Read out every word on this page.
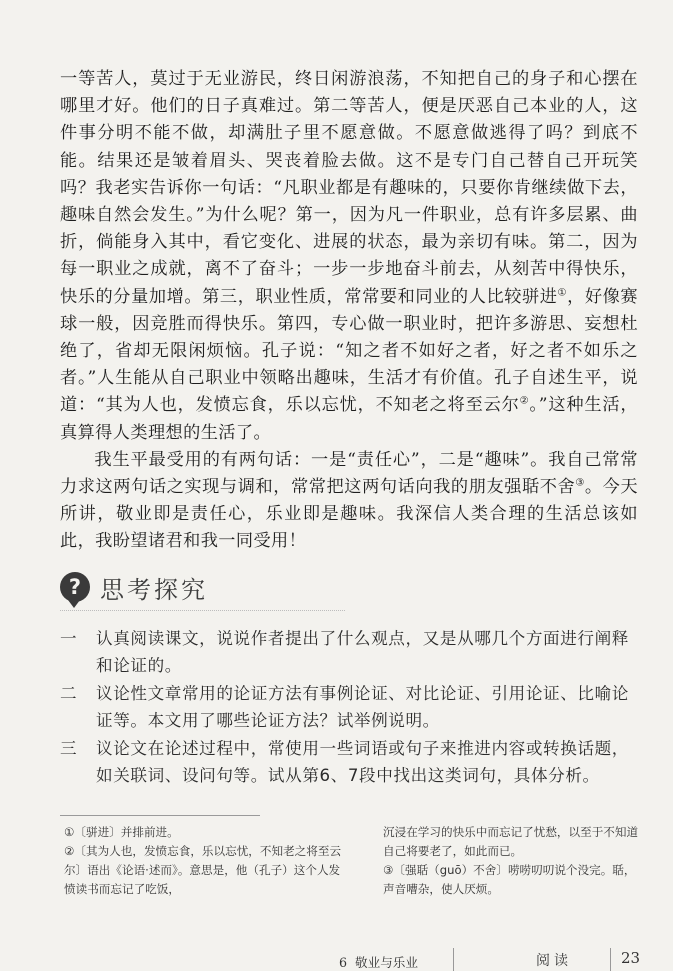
一等苦人，莫过于无业游民，终日闲游浪荡，不知把自己的身子和心摆在哪里才好。他们的日子真难过。第二等苦人，便是厌恶自己本业的人，这件事分明不能不做，却满肚子里不愿意做。不愿意做逃得了吗？到底不能。结果还是皱着眉头、哭丧着脸去做。这不是专门自己替自己开玩笑吗？我老实告诉你一句话：“凡职业都是有趣味的，只要你肯继续做下去，趣味自然会发生。”为什么呢？第一，因为凡一件职业，总有许多层累、曲折，倘能身入其中，看它变化、进展的状态，最为亲切有味。第二，因为每一职业之成就，离不了奋斗；一步一步地奋斗前去，从刻苦中得快乐，快乐的分量加增。第三，职业性质，常常要和同业的人比较骈进①，好像赛球一般，因竞胜而得快乐。第四，专心做一职业时，把许多游思、妄想杜绝了，省却无限闲烦恼。孔子说：“知之者不如好之者，好之者不如乐之者。”人生能从自己职业中领略出趣味，生活才有价值。孔子自述生平，说道：“其为人也，发愤忘食，乐以忘忧，不知老之将至云尔②。”这种生活，真算得人类理想的生活了。

我生平最受用的有两句话：一是“责任心”，二是“趣味”。我自己常常力求这两句话之实现与调和，常常把这两句话向我的朋友强聒不舍③。今天所讲，敬业即是责任心，乐业即是趣味。我深信人类合理的生活总该如此，我盼望诸君和我一同受用！

? 思考探究
一	认真阅读课文，说说作者提出了什么观点，又是从哪几个方面进行阐释和论证的。
二	议论性文章常用的论证方法有事例论证、对比论证、引用论证、比喻论证等。本文用了哪些论证方法？试举例说明。
三	议论文在论述过程中，常使用一些词语或句子来推进内容或转换话题，如关联词、设问句等。试从第6、7段中找出这类词句，具体分析。

①〔骈进〕并排前进。

②〔其为人也，发愤忘食，乐以忘忧，不知老之将至云尔〕语出《论语·述而》。意思是，他（孔子）这个人发愤读书而忘记了吃饭，

沉浸在学习的快乐中而忘记了忧愁，以至于不知道自己将要老了，如此而已。

③〔强聒（guō）不舍〕唠唠叨叨说个没完。聒，声音嘈杂，使人厌烦。

6 敬业与乐业	阅读	23
